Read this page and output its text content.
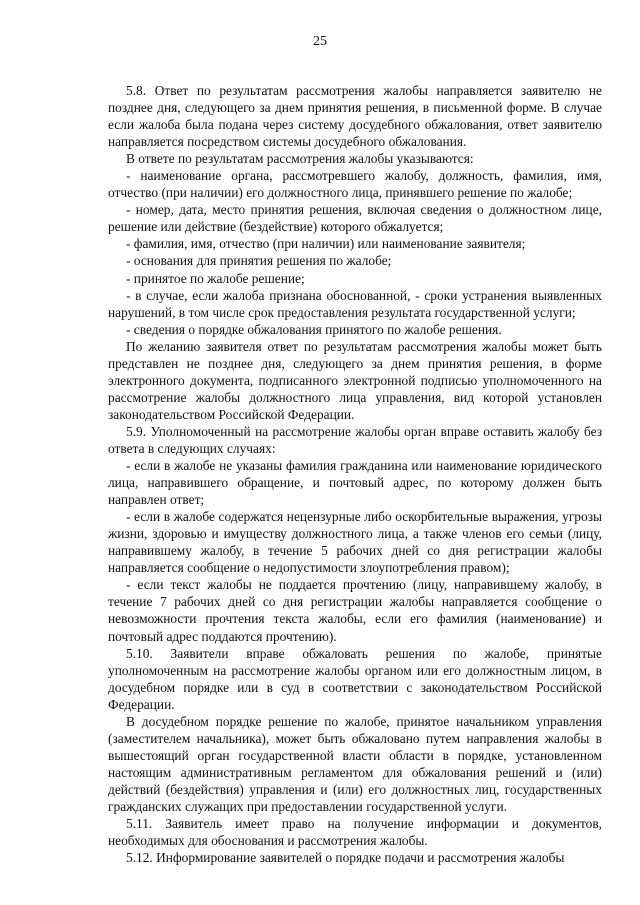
25

5.8. Ответ по результатам рассмотрения жалобы направляется заявителю не позднее дня, следующего за днем принятия решения, в письменной форме. В случае если жалоба была подана через систему досудебного обжалования, ответ заявителю направляется посредством системы досудебного обжалования.

В ответе по результатам рассмотрения жалобы указываются:

- наименование органа, рассмотревшего жалобу, должность, фамилия, имя, отчество (при наличии) его должностного лица, принявшего решение по жалобе;

- номер, дата, место принятия решения, включая сведения о должностном лице, решение или действие (бездействие) которого обжалуется;

- фамилия, имя, отчество (при наличии) или наименование заявителя;

- основания для принятия решения по жалобе;

- принятое по жалобе решение;

- в случае, если жалоба признана обоснованной, - сроки устранения выявленных нарушений, в том числе срок предоставления результата государственной услуги;

- сведения о порядке обжалования принятого по жалобе решения.

По желанию заявителя ответ по результатам рассмотрения жалобы может быть представлен не позднее дня, следующего за днем принятия решения, в форме электронного документа, подписанного электронной подписью уполномоченного на рассмотрение жалобы должностного лица управления, вид которой установлен законодательством Российской Федерации.

5.9. Уполномоченный на рассмотрение жалобы орган вправе оставить жалобу без ответа в следующих случаях:

- если в жалобе не указаны фамилия гражданина или наименование юридического лица, направившего обращение, и почтовый адрес, по которому должен быть направлен ответ;

- если в жалобе содержатся нецензурные либо оскорбительные выражения, угрозы жизни, здоровью и имуществу должностного лица, а также членов его семьи (лицу, направившему жалобу, в течение 5 рабочих дней со дня регистрации жалобы направляется сообщение о недопустимости злоупотребления правом);

- если текст жалобы не поддается прочтению (лицу, направившему жалобу, в течение 7 рабочих дней со дня регистрации жалобы направляется сообщение о невозможности прочтения текста жалобы, если его фамилия (наименование) и почтовый адрес поддаются прочтению).

5.10. Заявители вправе обжаловать решения по жалобе, принятые уполномоченным на рассмотрение жалобы органом или его должностным лицом, в досудебном порядке или в суд в соответствии с законодательством Российской Федерации.

В досудебном порядке решение по жалобе, принятое начальником управления (заместителем начальника), может быть обжаловано путем направления жалобы в вышестоящий орган государственной власти области в порядке, установленном настоящим административным регламентом для обжалования решений и (или) действий (бездействия) управления и (или) его должностных лиц, государственных гражданских служащих при предоставлении государственной услуги.

5.11. Заявитель имеет право на получение информации и документов, необходимых для обоснования и рассмотрения жалобы.

5.12. Информирование заявителей о порядке подачи и рассмотрения жалобы
